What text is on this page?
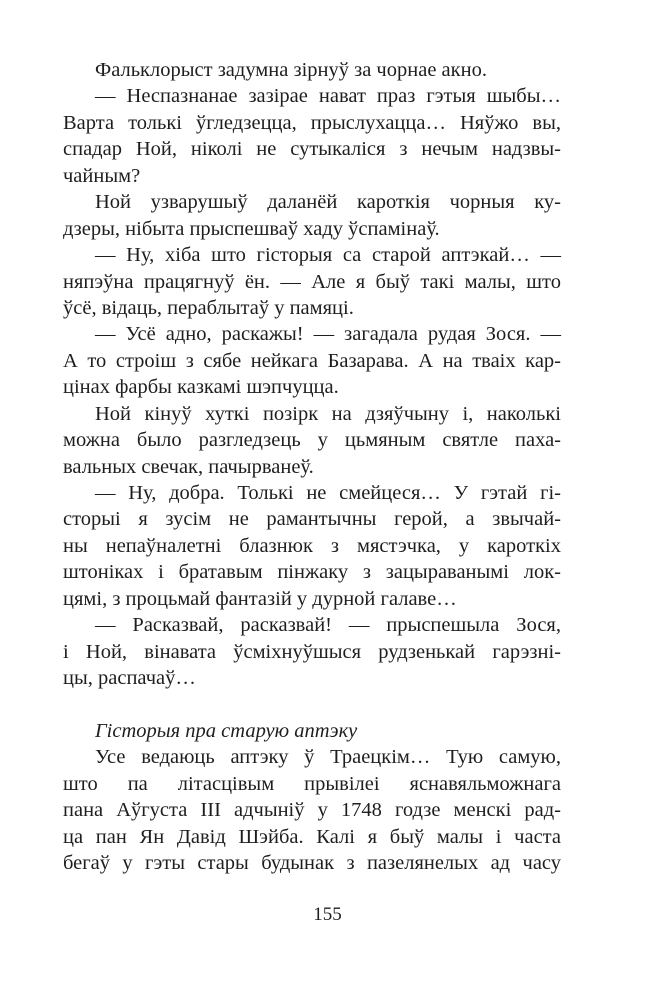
Фальклорыст задумна зірнуў за чорнае акно.
— Неспазнанае зазірае нават праз гэтыя шыбы…
Варта толькі ўгледзецца, прыслухацца… Няўжо вы,
спадар Ной, ніколі не сутыкаліся з нечым надзвы-
чайным?
Ной узварушыў даланёй кароткія чорныя ку-
дзеры, нібыта прыспешваў хаду ўспамінаў.
— Ну, хіба што гісторыя са старой аптэкай… —
няпэўна працягнуў ён. — Але я быў такі малы, што
ўсё, відаць, пераблытаў у памяці.
— Усё адно, раскажы! — загадала рудая Зося. —
А то строіш з сябе нейкага Базарава. А на тваіх кар-
цінах фарбы казкамі шэпчуцца.
Ной кінуў хуткі позірк на дзяўчыну і, наколькі
можна было разгледзець у цьмяным святле паха-
вальных свечак, пачырванеў.
— Ну, добра. Толькі не смейцеся… У гэтай гі-
сторыі я зусім не рамантычны герой, а звычай-
ны непаўналетні блазнюк з мястэчка, у кароткіх
штоніках і братавым пінжаку з зацыраванымі лок-
цямі, з процьмай фантазій у дурной галаве…
— Расказвай, расказвай! — прыспешыла Зося,
і Ной, вінавата ўсміхнуўшыся рудзенькай гарэзні-
цы, распачаў…
Гісторыя пра старую аптэку
Усе ведаюць аптэку ў Траецкім… Тую самую,
што па літасцівым прывілеі яснавяльможнага
пана Аўгуста III адчыніў у 1748 годзе менскі рад-
ца пан Ян Давід Шэйба. Калі я быў малы і часта
бегаў у гэты стары будынак з пазелянелых ад часу
155
